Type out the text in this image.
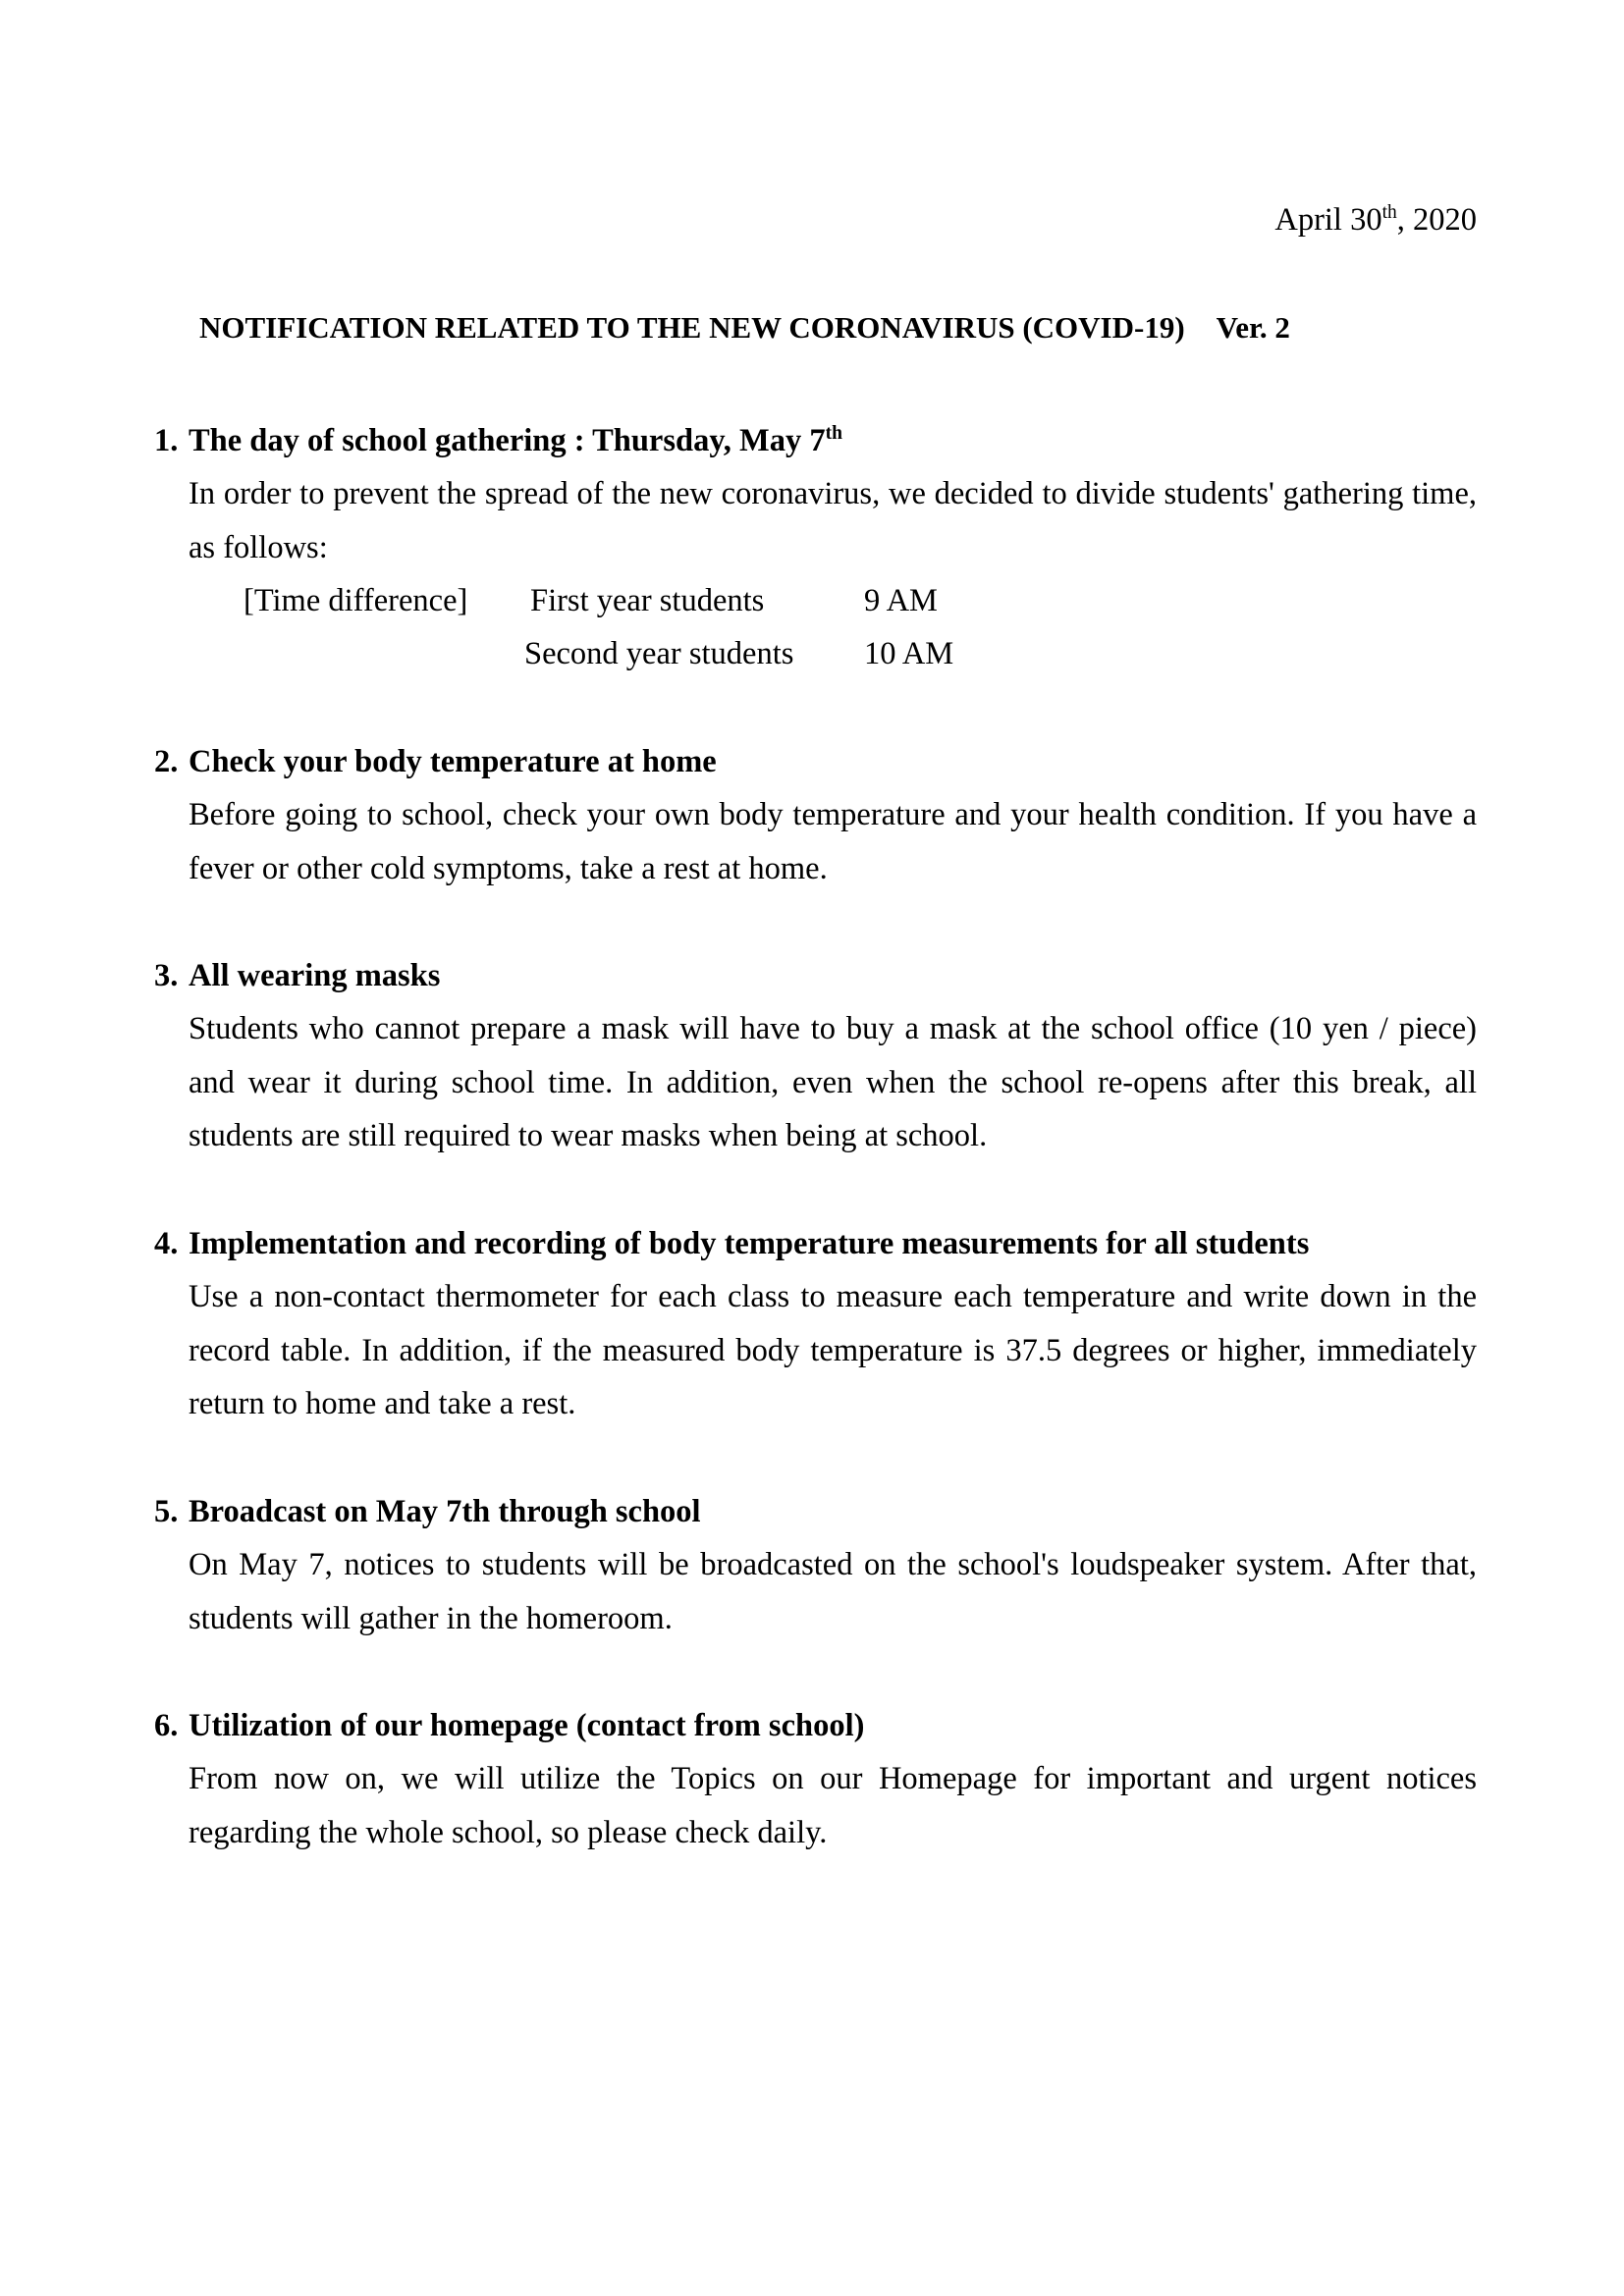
April 30th, 2020
NOTIFICATION RELATED TO THE NEW CORONAVIRUS (COVID-19) Ver. 2
1. The day of school gathering : Thursday, May 7th
In order to prevent the spread of the new coronavirus, we decided to divide students' gathering time, as follows:
[Time difference] First year students	9 AM
Second year students 10 AM
2. Check your body temperature at home
Before going to school, check your own body temperature and your health condition. If you have a fever or other cold symptoms, take a rest at home.
3. All wearing masks
Students who cannot prepare a mask will have to buy a mask at the school office (10 yen / piece) and wear it during school time. In addition, even when the school re-opens after this break, all students are still required to wear masks when being at school.
4. Implementation and recording of body temperature measurements for all students
Use a non-contact thermometer for each class to measure each temperature and write down in the record table. In addition, if the measured body temperature is 37.5 degrees or higher, immediately return to home and take a rest.
5. Broadcast on May 7th through school
On May 7, notices to students will be broadcasted on the school's loudspeaker system. After that, students will gather in the homeroom.
6. Utilization of our homepage (contact from school)
From now on, we will utilize the Topics on our Homepage for important and urgent notices regarding the whole school, so please check daily.
